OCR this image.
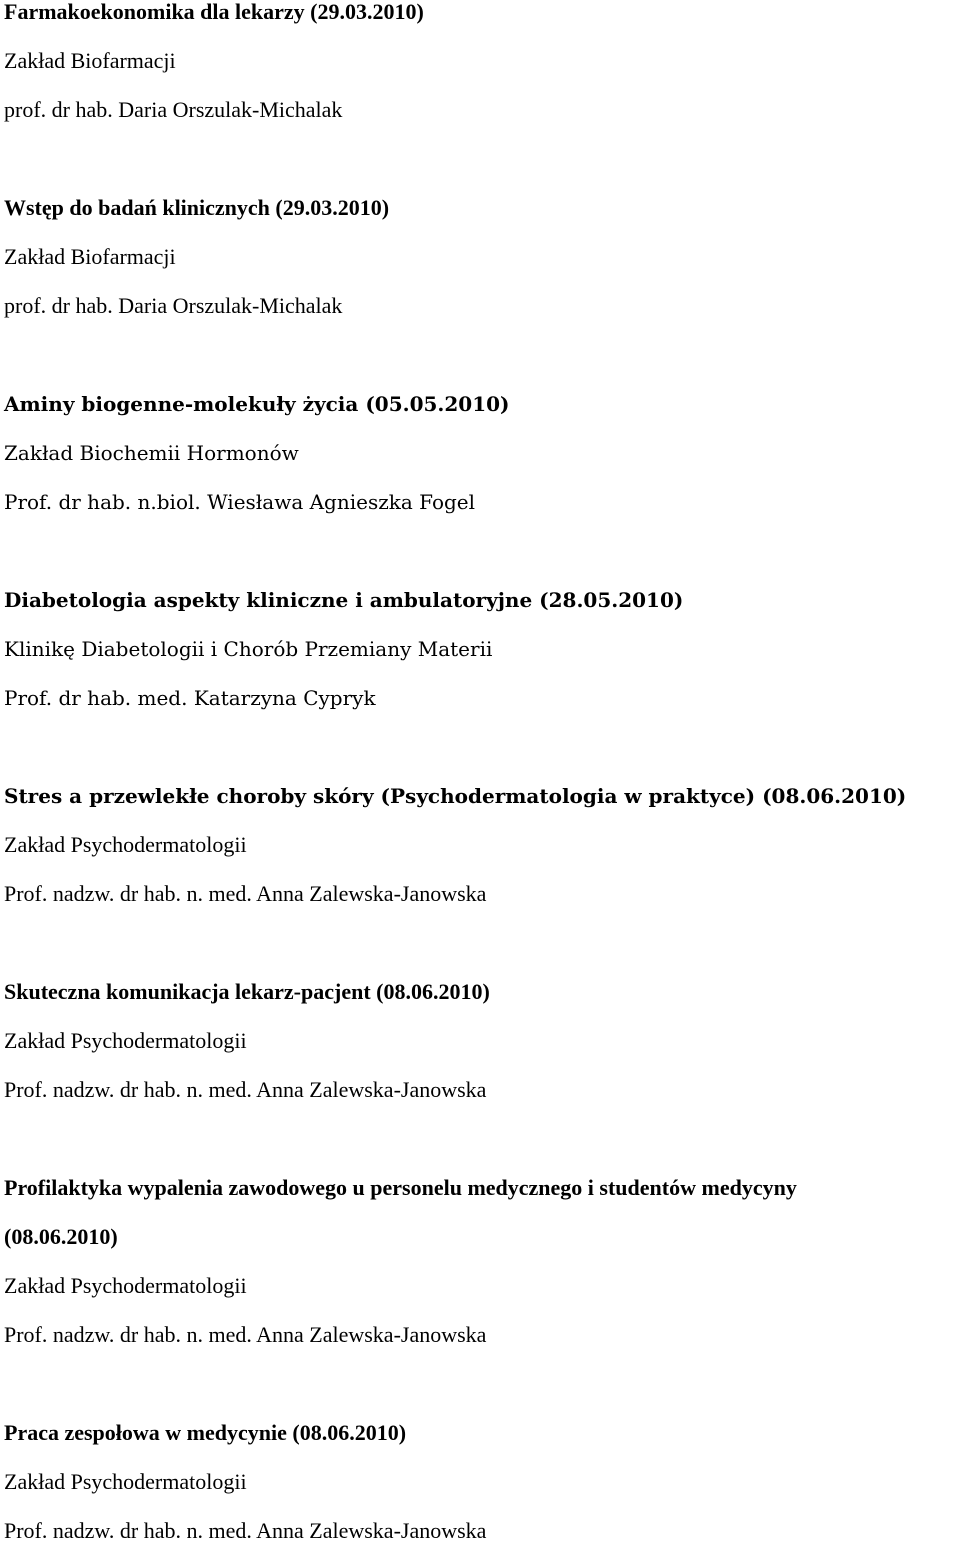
Farmakoekonomika dla lekarzy (29.03.2010)
Zakład Biofarmacji
prof. dr hab. Daria Orszulak-Michalak
Wstęp do badań klinicznych (29.03.2010)
Zakład Biofarmacji
prof. dr hab. Daria Orszulak-Michalak
Aminy biogenne-molekuły życia (05.05.2010)
Zakład Biochemii Hormonów
Prof. dr hab. n.biol. Wiesława Agnieszka Fogel
Diabetologia aspekty kliniczne i ambulatoryjne (28.05.2010)
Klinikę Diabetologii i Chorób Przemiany Materii
Prof. dr hab. med. Katarzyna Cypryk
Stres a przewlekłe choroby skóry (Psychodermatologia w praktyce) (08.06.2010)
Zakład Psychodermatologii
Prof. nadzw. dr hab. n. med. Anna Zalewska-Janowska
Skuteczna komunikacja lekarz-pacjent (08.06.2010)
Zakład Psychodermatologii
Prof. nadzw. dr hab. n. med. Anna Zalewska-Janowska
Profilaktyka wypalenia zawodowego u personelu medycznego i studentów medycyny
(08.06.2010)
Zakład Psychodermatologii
Prof. nadzw. dr hab. n. med. Anna Zalewska-Janowska
Praca zespołowa w medycynie (08.06.2010)
Zakład Psychodermatologii
Prof. nadzw. dr hab. n. med. Anna Zalewska-Janowska
